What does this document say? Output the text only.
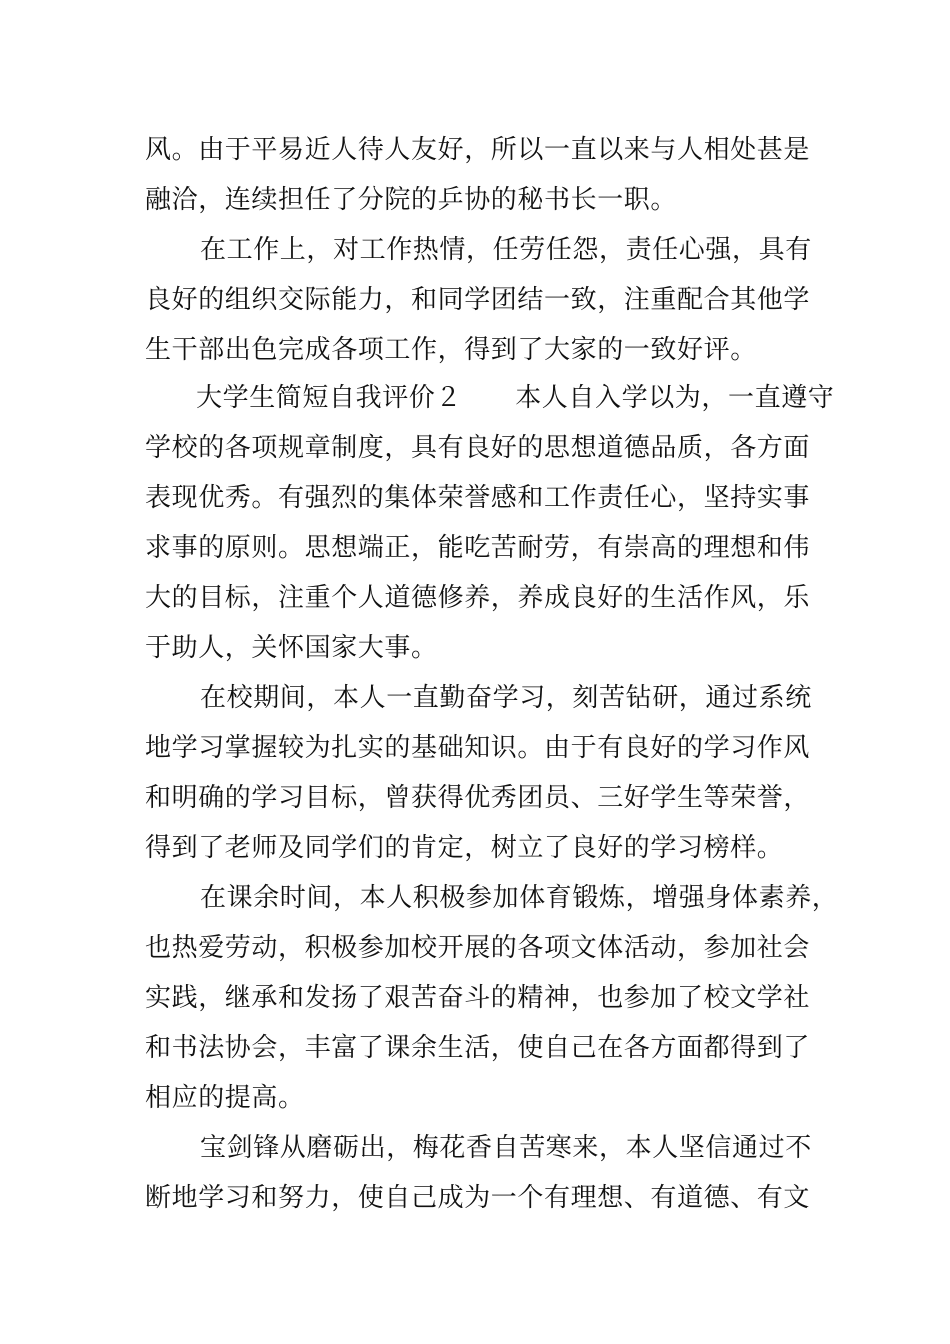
风。由于平易近人待人友好，所以一直以来与人相处甚是
融洽，连续担任了分院的乒协的秘书长一职。
在工作上，对工作热情，任劳任怨，责任心强，具有
良好的组织交际能力，和同学团结一致，注重配合其他学
生干部出色完成各项工作，得到了大家的一致好评。
大学生简短自我评价２　　本人自入学以为，一直遵守
学校的各项规章制度，具有良好的思想道德品质，各方面
表现优秀。有强烈的集体荣誉感和工作责任心，坚持实事
求事的原则。思想端正，能吃苦耐劳，有崇高的理想和伟
大的目标，注重个人道德修养，养成良好的生活作风，乐
于助人，关怀国家大事。
在校期间，本人一直勤奋学习，刻苦钻研，通过系统
地学习掌握较为扎实的基础知识。由于有良好的学习作风
和明确的学习目标，曾获得优秀团员、三好学生等荣誉，
得到了老师及同学们的肯定，树立了良好的学习榜样。
在课余时间，本人积极参加体育锻炼，增强身体素养，
也热爱劳动，积极参加校开展的各项文体活动，参加社会
实践，继承和发扬了艰苦奋斗的精神，也参加了校文学社
和书法协会，丰富了课余生活，使自己在各方面都得到了
相应的提高。
宝剑锋从磨砺出，梅花香自苦寒来，本人坚信通过不
断地学习和努力，使自己成为一个有理想、有道德、有文
